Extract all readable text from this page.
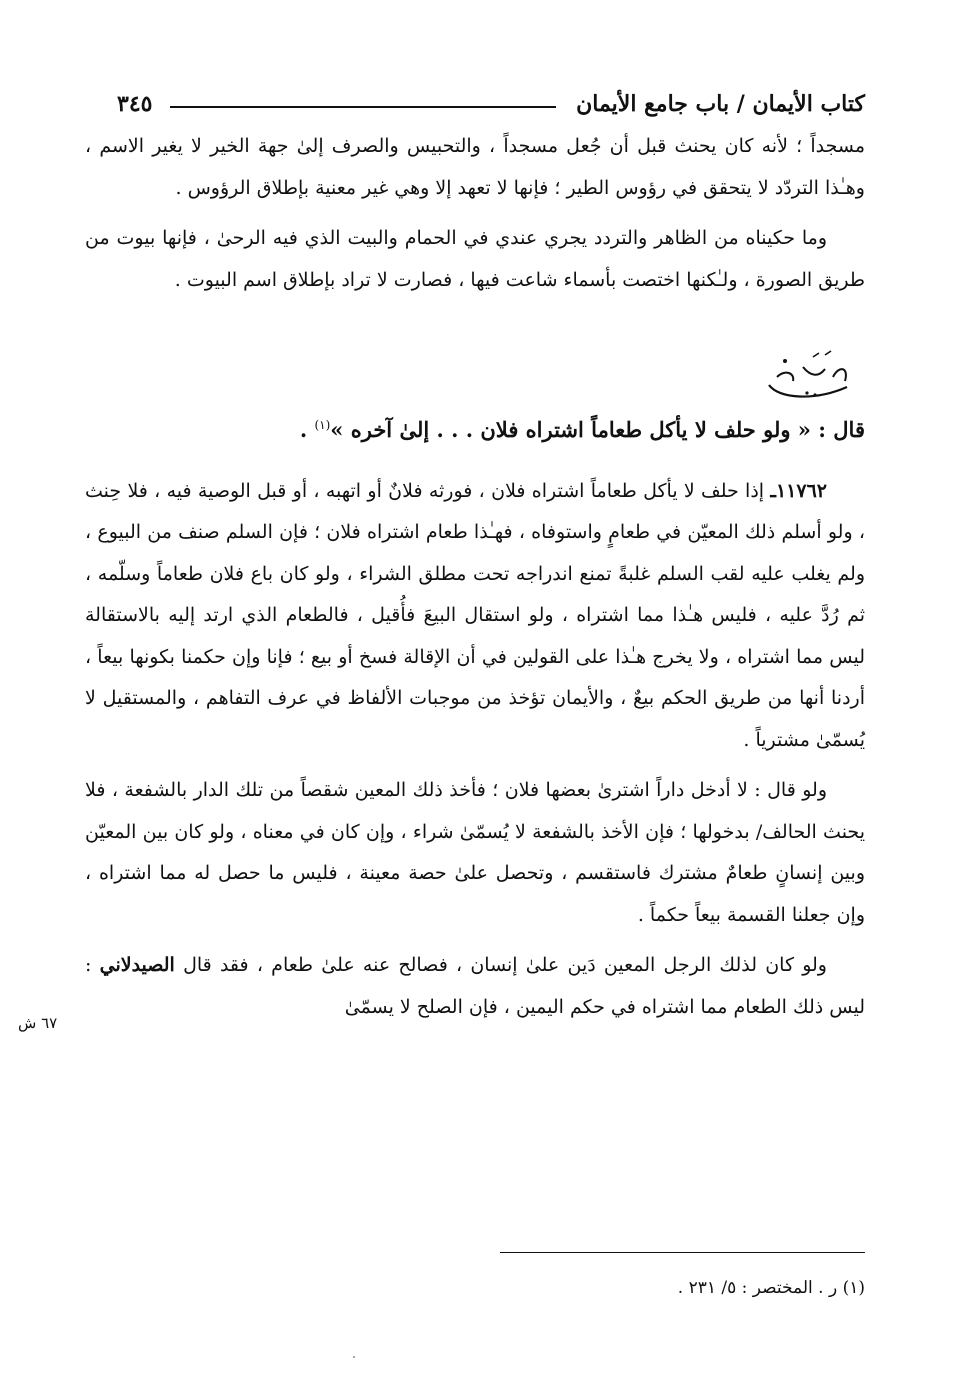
كتاب الأيمان / باب جامع الأيمان
٣٤٥

مسجداً ؛ لأنه كان يحنث قبل أن جُعل مسجداً ، والتحبيس والصرف إلىٰ جهة الخير لا يغير الاسم ، وهـٰذا التردّد لا يتحقق في رؤوس الطير ؛ فإنها لا تعهد إلا وهي غير معنية بإطلاق الرؤوس .

وما حكيناه من الظاهر والتردد يجري عندي في الحمام والبيت الذي فيه الرحىٰ ، فإنها بيوت من طريق الصورة ، ولـٰكنها اختصت بأسماء شاعت فيها ، فصارت لا تراد بإطلاق اسم البيوت .

قال : « ولو حلف لا يأكل طعاماً اشتراه فلان . . . إلىٰ آخره »$^{(١)}$ .

١١٧٦٢ـ إذا حلف لا يأكل طعاماً اشتراه فلان ، فورثه فلانٌ أو اتهبه ، أو قبل الوصية فيه ، فلا حِنث ، ولو أسلم ذلك المعيّن في طعامٍ واستوفاه ، فهـٰذا طعام اشتراه فلان ؛ فإن السلم صنف من البيوع ، ولم يغلب عليه لقب السلم غلبةً تمنع اندراجه تحت مطلق الشراء ، ولو كان باع فلان طعاماً وسلّمه ، ثم رُدَّ عليه ، فليس هـٰذا مما اشتراه ، ولو استقال البيعَ فأُقيل ، فالطعام الذي ارتد إليه بالاستقالة ليس مما اشتراه ، ولا يخرج هـٰذا على القولين في أن الإقالة فسخ أو بيع ؛ فإنا وإن حكمنا بكونها بيعاً ، أردنا أنها من طريق الحكم بيعٌ ، والأيمان تؤخذ من موجبات الألفاظ في عرف التفاهم ، والمستقيل لا يُسمّىٰ مشترياً .

ولو قال : لا أدخل داراً اشترىٰ بعضها فلان ؛ فأخذ ذلك المعين شقصاً من تلك الدار بالشفعة ، فلا يحنث الحالف/ بدخولها ؛ فإن الأخذ بالشفعة لا يُسمّىٰ شراء ، وإن كان في معناه ، ولو كان بين المعيّن وبين إنسانٍ طعامٌ مشترك فاستقسم ، وتحصل علىٰ حصة معينة ، فليس ما حصل له مما اشتراه ، وإن جعلنا القسمة بيعاً حكماً .

ولو كان لذلك الرجل المعين دَين علىٰ إنسان ، فصالح عنه علىٰ طعام ، فقد قال الصيدلاني : ليس ذلك الطعام مما اشتراه في حكم اليمين ، فإن الصلح لا يسمّىٰ

٦٧ ش
(١) ر . المختصر : ٥/ ٢٣١ .
